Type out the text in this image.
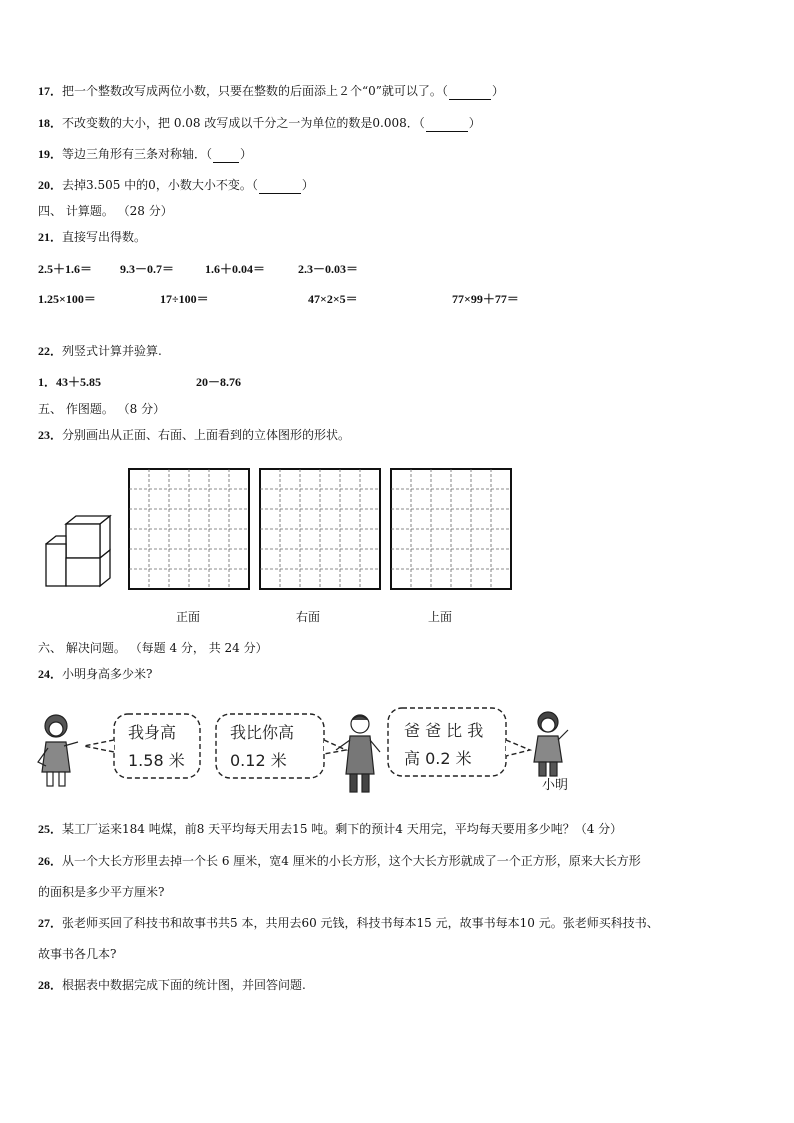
17．把一个整数改写成两位小数，只要在整数的后面添上２个“0”就可以了。（	）
18．不改变数的大小，把 0.08 改写成以千分之一为单位的数是0.008．（	）
19．等边三角形有三条对称轴．（ ）
20．去掉3.505 中的0，小数大小不变。（	）
四、 计算题。 （28 分）
21．直接写出得数。
2.5＋1.6＝ 9.3－0.7＝	1.6＋0.04＝	2.3－0.03＝
1.25×100＝	17÷100＝	47×2×5＝	77×99＋77＝
22．列竖式计算并验算.
1．43＋5.85	20－8.76
五、 作图题。 （8 分）
23．分别画出从正面、右面、上面看到的立体图形的形状。
正面	右面	上面
六、 解决问题。 （每题 4 分， 共 24 分）
24．小明身高多少米?
我身高
1.58 米
我比你高
0.12 米
爸 爸 比 我
高 0.2 米
小明
25．某工厂运来184 吨煤，前8 天平均每天用去15 吨。剩下的预计4 天用完，平均每天要用多少吨？（4 分）
26．从一个大长方形里去掉一个长 6 厘米，宽4 厘米的小长方形，这个大长方形就成了一个正方形，原来大长方形
的面积是多少平方厘米?
27．张老师买回了科技书和故事书共5 本，共用去60 元钱，科技书每本15 元，故事书每本10 元。张老师买科技书、
故事书各几本?
28．根据表中数据完成下面的统计图，并回答问题.
